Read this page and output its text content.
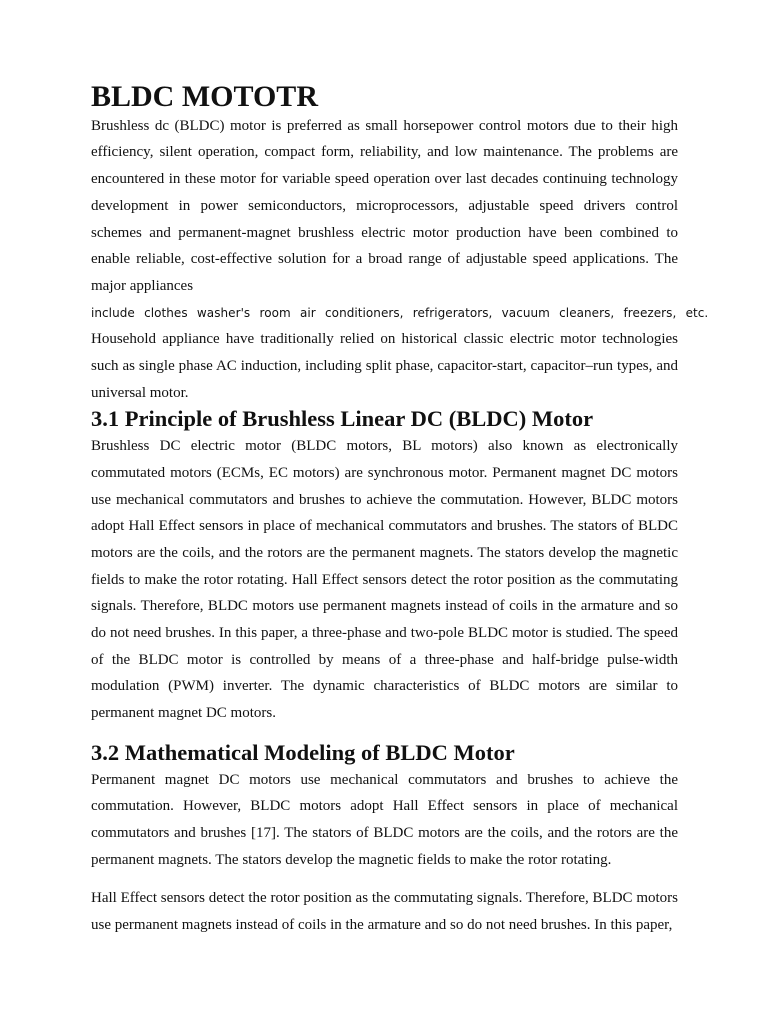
BLDC MOTOTR

Brushless dc (BLDC) motor is preferred as small horsepower control motors due to their high efficiency, silent operation, compact form, reliability, and low maintenance. The problems are encountered in these motor for variable speed operation over last decades continuing technology development in power semiconductors, microprocessors, adjustable speed drivers control schemes and permanent-magnet brushless electric motor production have been combined to enable reliable, cost-effective solution for a broad range of adjustable speed applications. The major appliances

include clothes washer's room air conditioners, refrigerators, vacuum cleaners, freezers, etc.

Household appliance have traditionally relied on historical classic electric motor technologies such as single phase AC induction, including split phase, capacitor-start, capacitor–run types, and universal motor.

3.1 Principle of Brushless Linear DC (BLDC) Motor

Brushless DC electric motor (BLDC motors, BL motors) also known as electronically commutated motors (ECMs, EC motors) are synchronous motor. Permanent magnet DC motors use mechanical commutators and brushes to achieve the commutation. However, BLDC motors adopt Hall Effect sensors in place of mechanical commutators and brushes. The stators of BLDC motors are the coils, and the rotors are the permanent magnets. The stators develop the magnetic fields to make the rotor rotating. Hall Effect sensors detect the rotor position as the commutating signals. Therefore, BLDC motors use permanent magnets instead of coils in the armature and so do not need brushes. In this paper, a three-phase and two-pole BLDC motor is studied. The speed of the BLDC motor is controlled by means of a three-phase and half-bridge pulse-width modulation (PWM) inverter. The dynamic characteristics of BLDC motors are similar to permanent magnet DC motors.

3.2 Mathematical Modeling of BLDC Motor

Permanent magnet DC motors use mechanical commutators and brushes to achieve the commutation. However, BLDC motors adopt Hall Effect sensors in place of mechanical commutators and brushes [17]. The stators of BLDC motors are the coils, and the rotors are the permanent magnets. The stators develop the magnetic fields to make the rotor rotating.

Hall Effect sensors detect the rotor position as the commutating signals. Therefore, BLDC motors use permanent magnets instead of coils in the armature and so do not need brushes. In this paper,
